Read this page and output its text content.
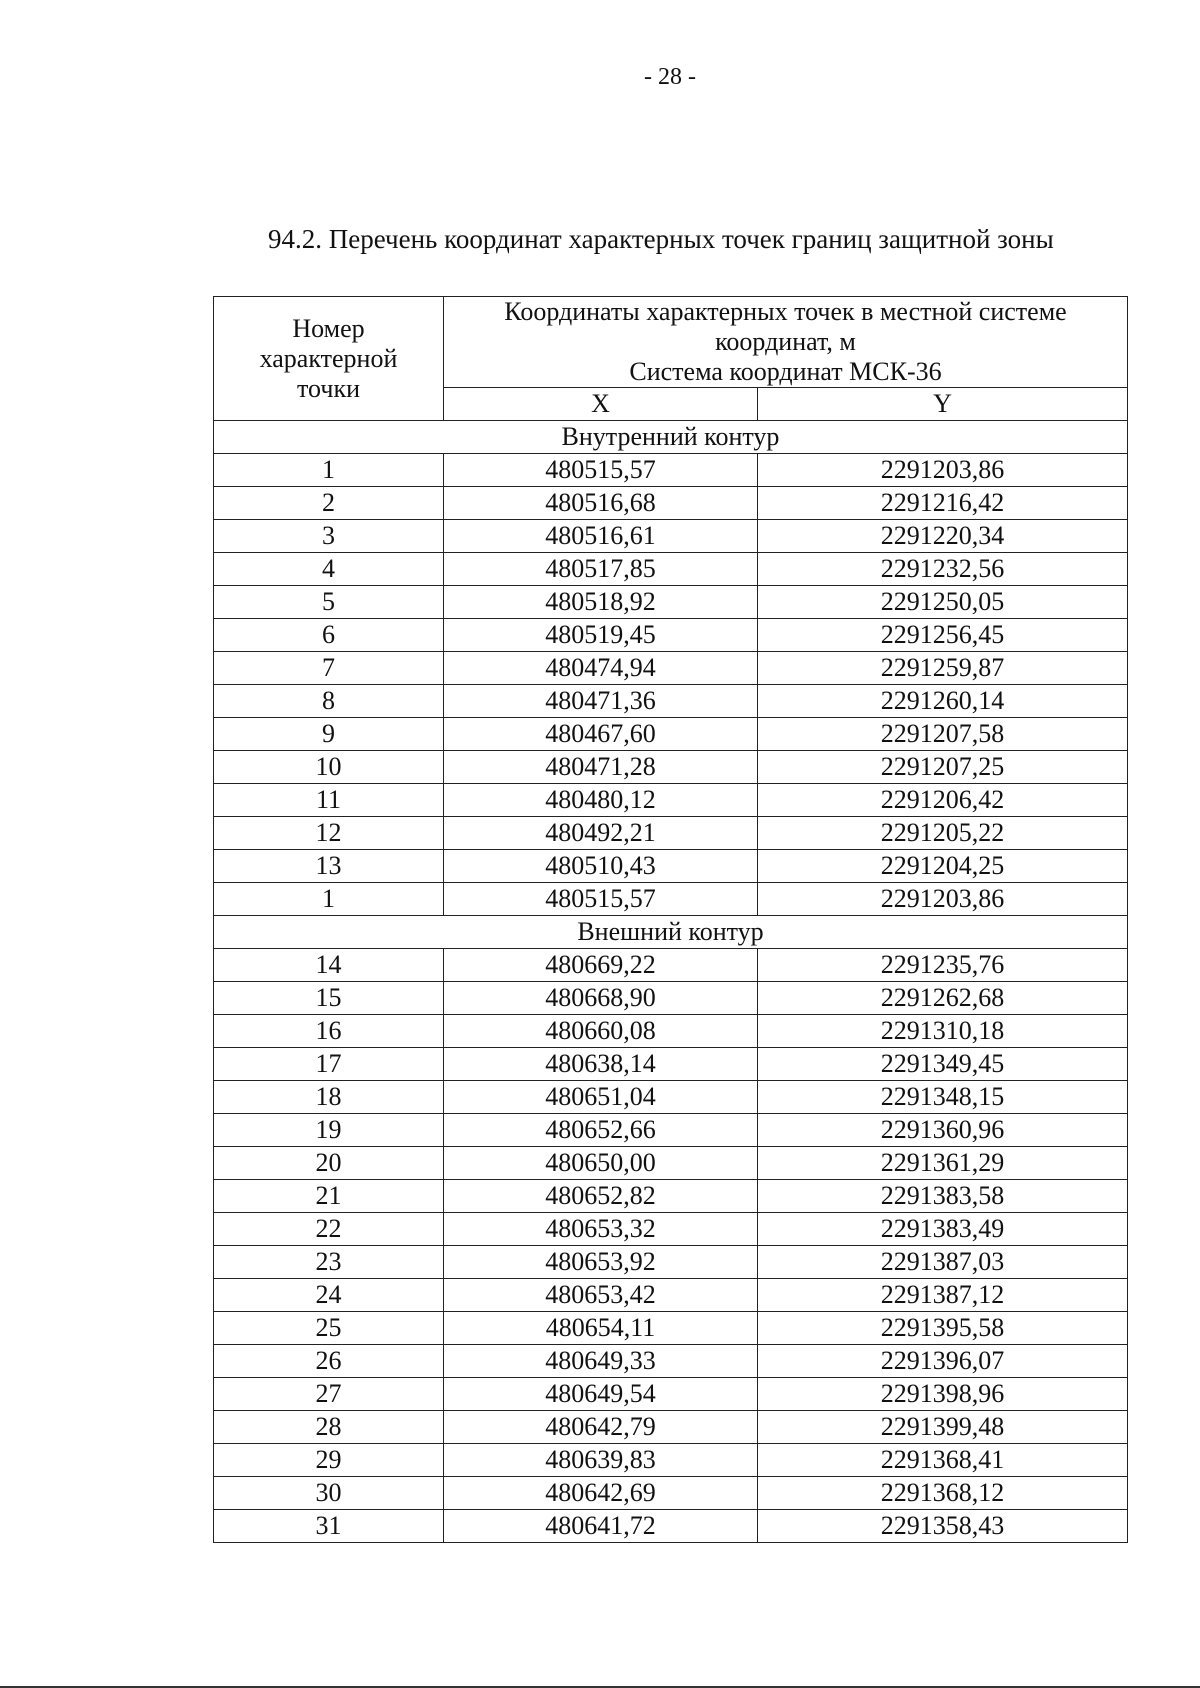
- 28 -
94.2. Перечень координат характерных точек границ защитной зоны
Номер
характерной
точки	Координаты характерных точек в местной системе
координат, м
Система координат МСК-36	

	X	Y
Внутренний контур		
1	480515,57	2291203,86
2	480516,68	2291216,42
3	480516,61	2291220,34
4	480517,85	2291232,56
5	480518,92	2291250,05
6	480519,45	2291256,45
7	480474,94	2291259,87
8	480471,36	2291260,14
9	480467,60	2291207,58
10	480471,28	2291207,25
11	480480,12	2291206,42
12	480492,21	2291205,22
13	480510,43	2291204,25
1	480515,57	2291203,86
Внешний контур		
14	480669,22	2291235,76
15	480668,90	2291262,68
16	480660,08	2291310,18
17	480638,14	2291349,45
18	480651,04	2291348,15
19	480652,66	2291360,96
20	480650,00	2291361,29
21	480652,82	2291383,58
22	480653,32	2291383,49
23	480653,92	2291387,03
24	480653,42	2291387,12
25	480654,11	2291395,58
26	480649,33	2291396,07
27	480649,54	2291398,96
28	480642,79	2291399,48
29	480639,83	2291368,41
30	480642,69	2291368,12
31	480641,72	2291358,43
